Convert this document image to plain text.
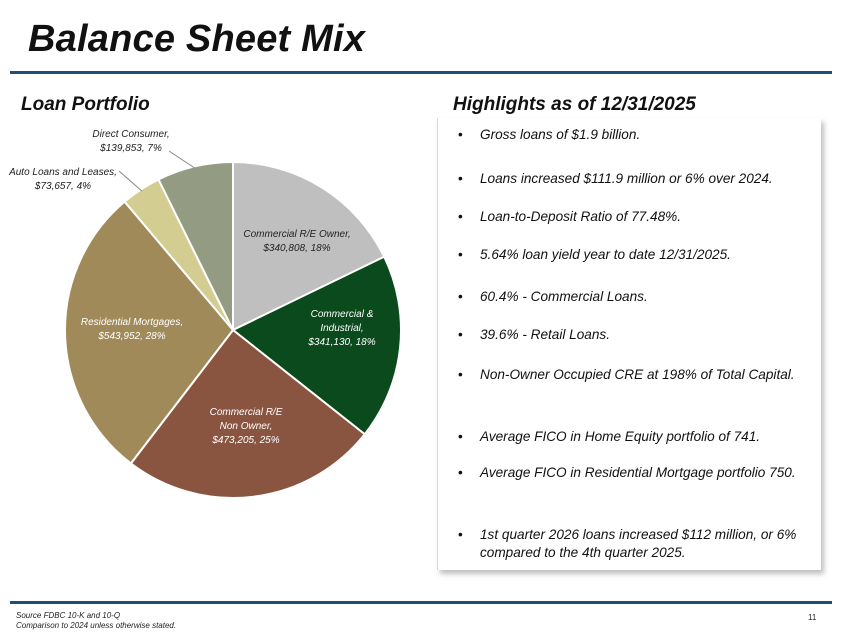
Balance Sheet Mix
Loan Portfolio	Highlights as of 12/31/2025
Commercial R/E Owner, $340,808, 18%
Commercial & Industrial, $341,130, 18%
Commercial R/E Non Owner, $473,205, 25%
Residential Mortgages, $543,952, 28%
Auto Loans and Leases, $73,657, 4%
Direct Consumer, $139,853, 7%
• Gross loans of $1.9 billion.
• Loans increased $111.9 million or 6% over 2024.
• Loan-to-Deposit Ratio of 77.48%.
• 5.64% loan yield year to date 12/31/2025.
• 60.4% - Commercial Loans.
• 39.6% - Retail Loans.
• Non-Owner Occupied CRE at 198% of Total Capital.
• Average FICO in Home Equity portfolio of 741.
• Average FICO in Residential Mortgage portfolio 750.
• 1st quarter 2026 loans increased $112 million, or 6% compared to the 4th quarter 2025.
Source FDBC 10-K and 10-Q
Comparison to 2024 unless otherwise stated.
11
